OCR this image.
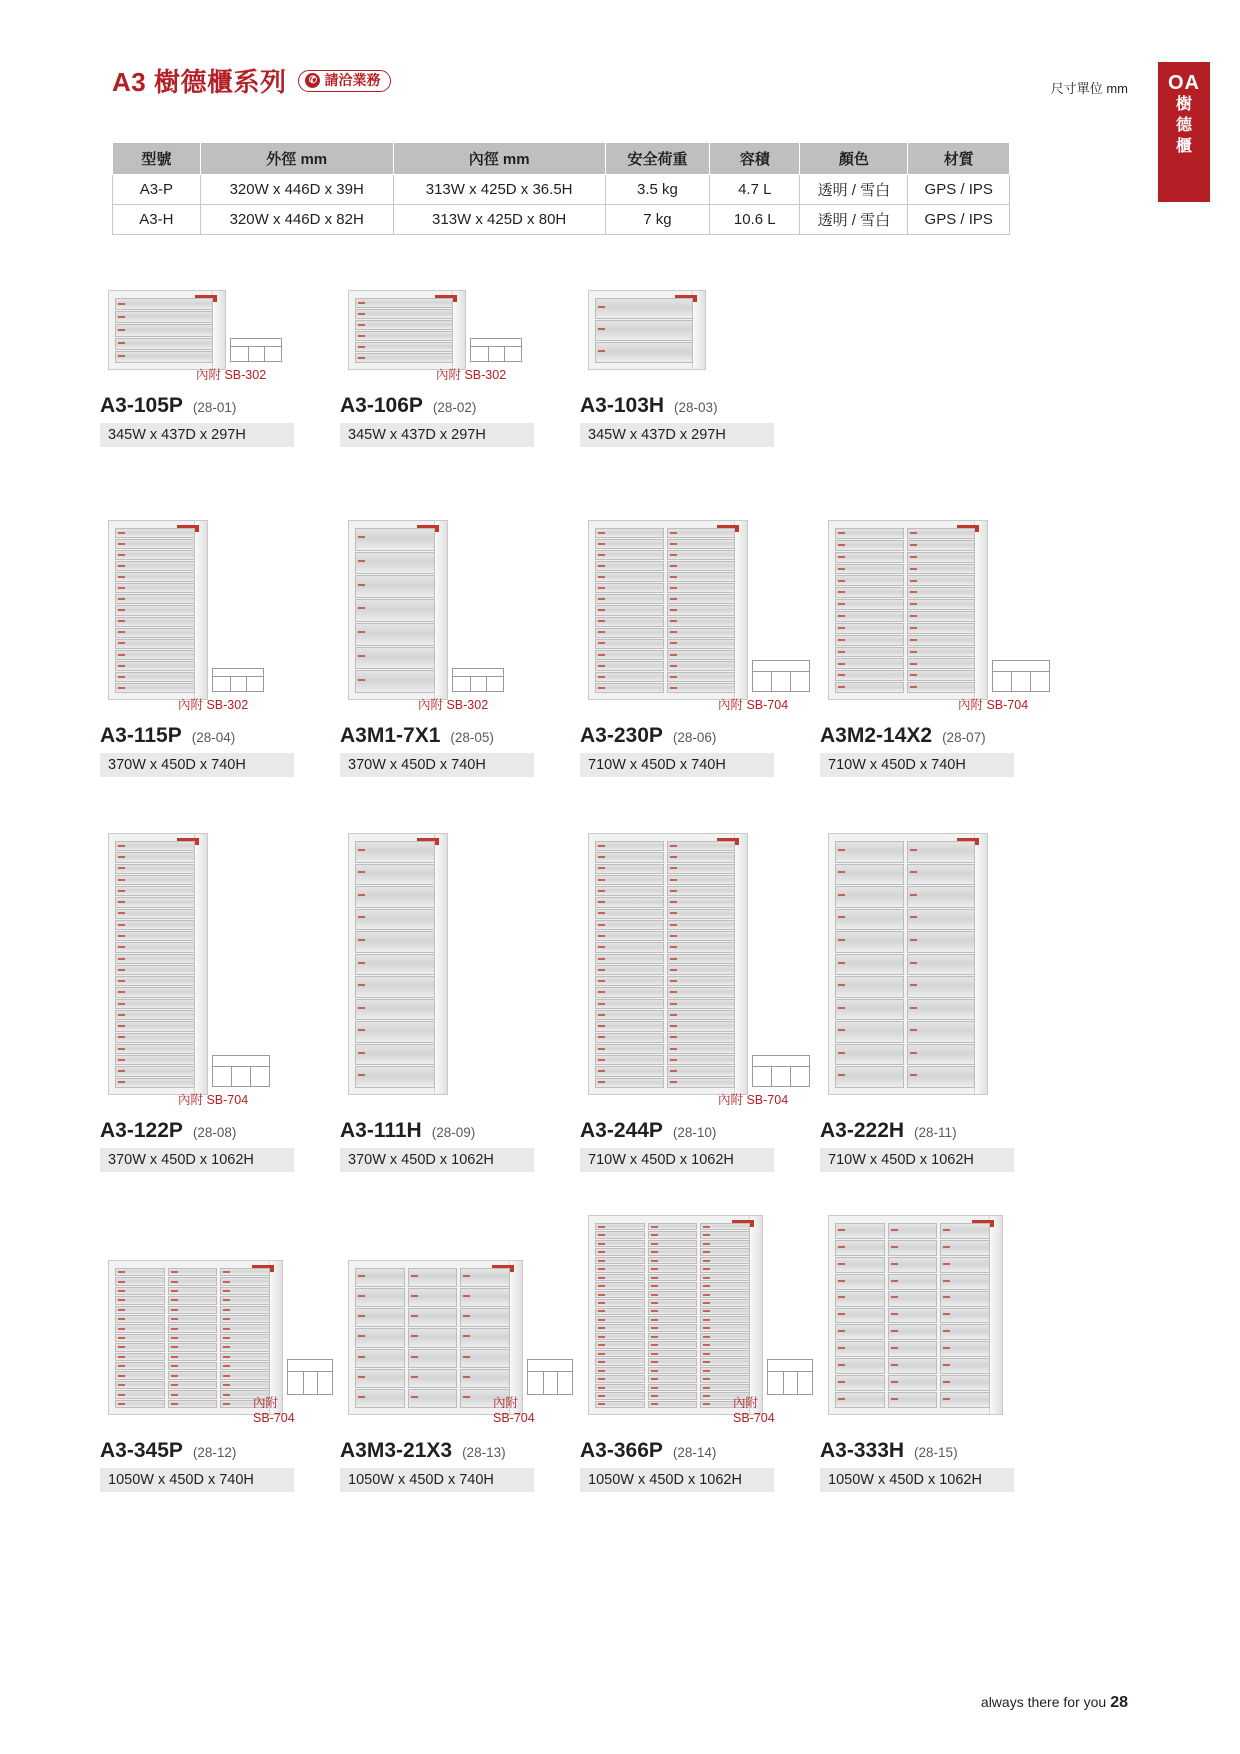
A3 樹德櫃系列	✆ 請洽業務
尺寸單位 mm	OA
樹
德
櫃
型號	外徑 mm	內徑 mm	安全荷重	容積	顏色	材質
A3-P	320W x 446D x 39H	313W x 425D x 36.5H	3.5 kg	4.7 L	透明 / 雪白	GPS / IPS
A3-H	320W x 446D x 82H	313W x 425D x 80H	7 kg	10.6 L	透明 / 雪白	GPS / IPS
內附 SB-302
A3-105P (28-01)
345W x 437D x 297H
內附 SB-302
A3-106P (28-02)
345W x 437D x 297H
A3-103H (28-03)
345W x 437D x 297H
內附 SB-302
A3-115P (28-04)
370W x 450D x 740H
內附 SB-302
A3M1-7X1 (28-05)
370W x 450D x 740H
內附 SB-704
A3-230P (28-06)
710W x 450D x 740H
內附 SB-704
A3M2-14X2 (28-07)
710W x 450D x 740H
內附 SB-704
A3-122P (28-08)
370W x 450D x 1062H
A3-111H (28-09)
370W x 450D x 1062H
內附 SB-704
A3-244P (28-10)
710W x 450D x 1062H
A3-222H (28-11)
710W x 450D x 1062H
內附
SB-704
A3-345P (28-12)
1050W x 450D x 740H
內附
SB-704
A3M3-21X3 (28-13)
1050W x 450D x 740H
內附
SB-704
A3-366P (28-14)
1050W x 450D x 1062H
A3-333H (28-15)
1050W x 450D x 1062H
always there for you 28
